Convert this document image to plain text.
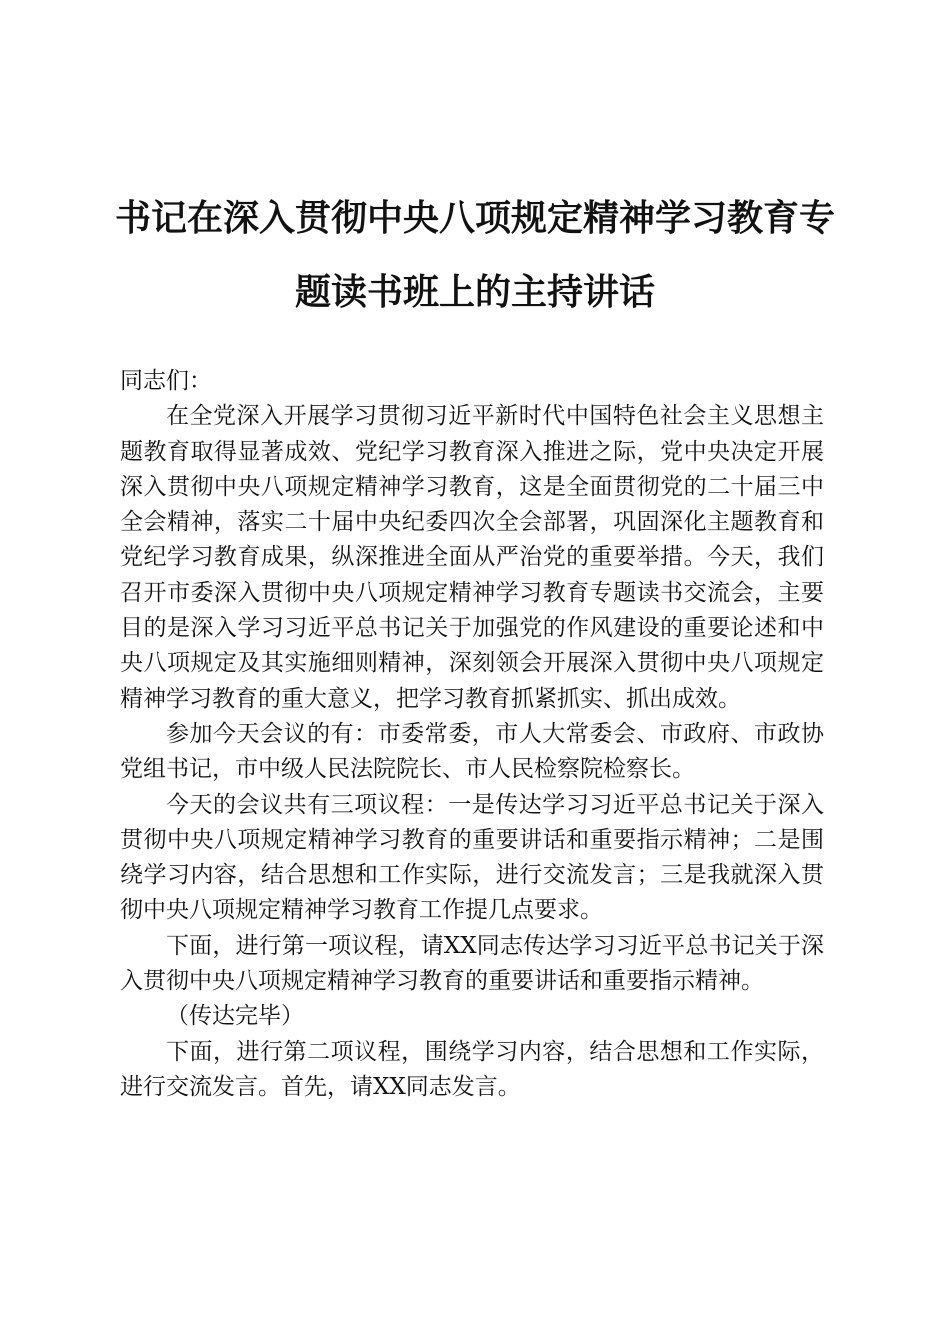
书记在深入贯彻中央八项规定精神学习教育专
题读书班上的主持讲话

同志们：

在全党深入开展学习贯彻习近平新时代中国特色社会主义思想主题教育取得显著成效、党纪学习教育深入推进之际，党中央决定开展深入贯彻中央八项规定精神学习教育，这是全面贯彻党的二十届三中全会精神，落实二十届中央纪委四次全会部署，巩固深化主题教育和党纪学习教育成果，纵深推进全面从严治党的重要举措。今天，我们召开市委深入贯彻中央八项规定精神学习教育专题读书交流会，主要目的是深入学习习近平总书记关于加强党的作风建设的重要论述和中央八项规定及其实施细则精神，深刻领会开展深入贯彻中央八项规定精神学习教育的重大意义，把学习教育抓紧抓实、抓出成效。

参加今天会议的有：市委常委，市人大常委会、市政府、市政协党组书记，市中级人民法院院长、市人民检察院检察长。

今天的会议共有三项议程：一是传达学习习近平总书记关于深入贯彻中央八项规定精神学习教育的重要讲话和重要指示精神；二是围绕学习内容，结合思想和工作实际，进行交流发言；三是我就深入贯彻中央八项规定精神学习教育工作提几点要求。

下面，进行第一项议程，请XX同志传达学习习近平总书记关于深入贯彻中央八项规定精神学习教育的重要讲话和重要指示精神。

（传达完毕）

下面，进行第二项议程，围绕学习内容，结合思想和工作实际，进行交流发言。首先，请XX同志发言。
